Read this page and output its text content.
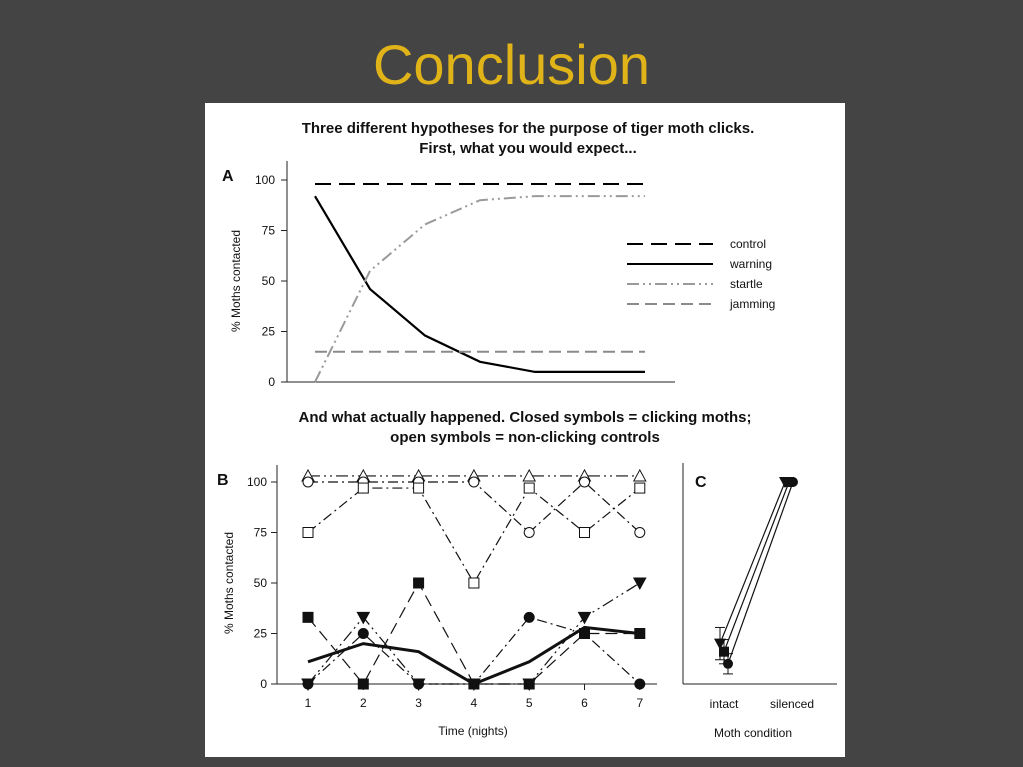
Conclusion
Three different hypotheses for the purpose of tiger moth clicks.
First, what you would expect...
A
% Moths contacted
100
75
50
25
0
control
warning
startle
jamming
And what actually happened. Closed symbols = clicking moths;
open symbols = non-clicking controls
B
% Moths contacted
Time (nights)
100
75
50
25
0
1	2	3	4	5	6	7
C
Moth condition
intact	silenced
